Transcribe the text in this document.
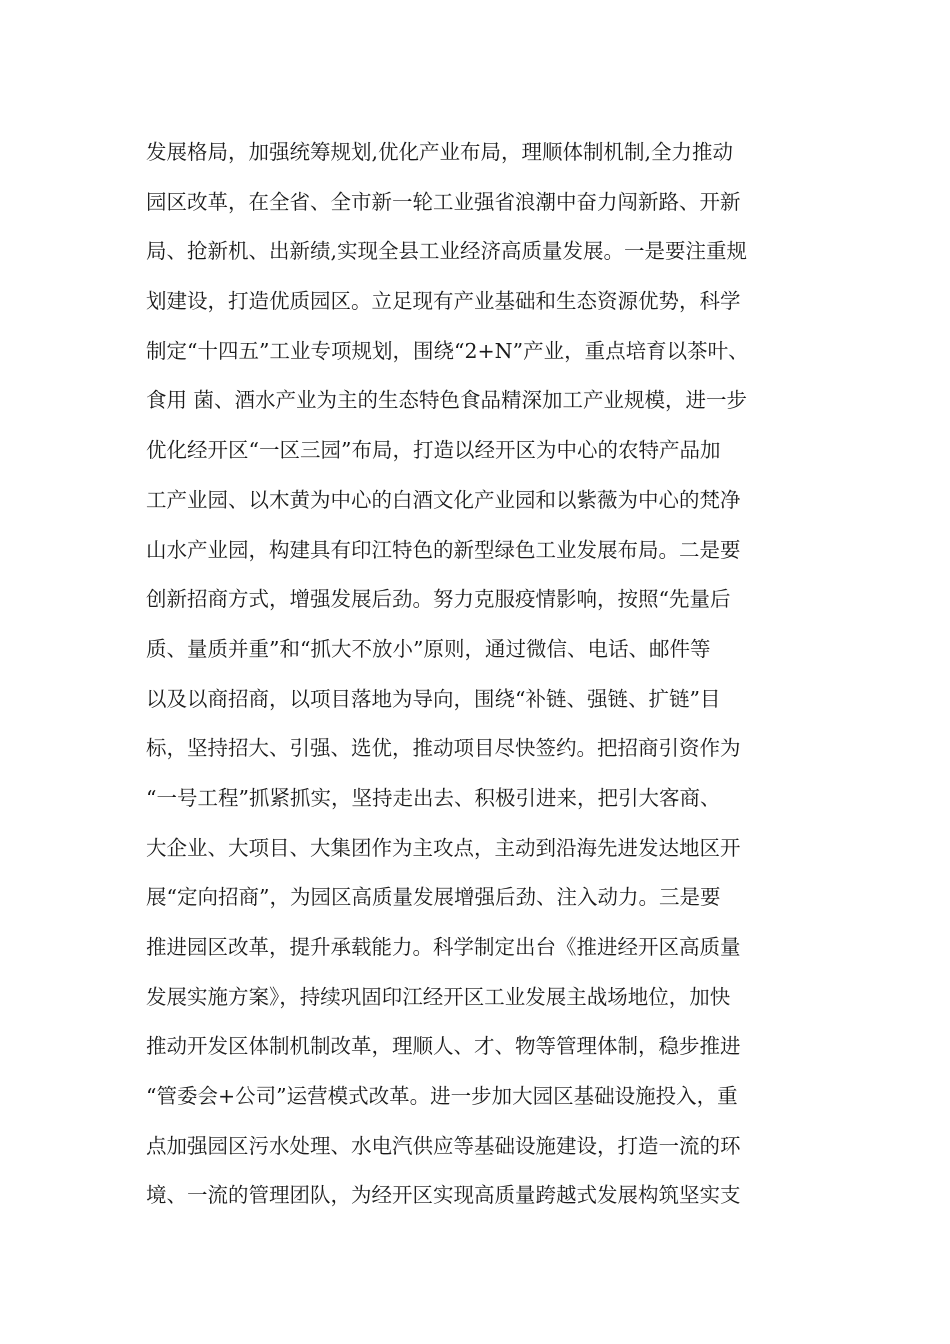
发展格局，加强统筹规划,优化产业布局，理顺体制机制,全力推动
园区改革，在全省、全市新一轮工业强省浪潮中奋力闯新路、开新
局、抢新机、出新绩,实现全县工业经济高质量发展。一是要注重规
划建设，打造优质园区。立足现有产业基础和生态资源优势，科学
制定“十四五”工业专项规划，围绕“2+N”产业，重点培育以茶叶、
食用 菌、酒水产业为主的生态特色食品精深加工产业规模，进一步
优化经开区“一区三园”布局，打造以经开区为中心的农特产品加
工产业园、以木黄为中心的白酒文化产业园和以紫薇为中心的梵净
山水产业园，构建具有印江特色的新型绿色工业发展布局。二是要
创新招商方式，增强发展后劲。努力克服疫情影响，按照“先量后
质、量质并重”和“抓大不放小”原则，通过微信、电话、邮件等
以及以商招商，以项目落地为导向，围绕“补链、强链、扩链”目
标，坚持招大、引强、选优，推动项目尽快签约。把招商引资作为
“一号工程”抓紧抓实，坚持走出去、积极引进来，把引大客商、
大企业、大项目、大集团作为主攻点，主动到沿海先进发达地区开
展“定向招商”，为园区高质量发展增强后劲、注入动力。三是要
推进园区改革，提升承载能力。科学制定出台《推进经开区高质量
发展实施方案》，持续巩固印江经开区工业发展主战场地位，加快
推动开发区体制机制改革，理顺人、才、物等管理体制，稳步推进
“管委会+公司”运营模式改革。进一步加大园区基础设施投入，重
点加强园区污水处理、水电汽供应等基础设施建设，打造一流的环
境、一流的管理团队，为经开区实现高质量跨越式发展构筑坚实支
